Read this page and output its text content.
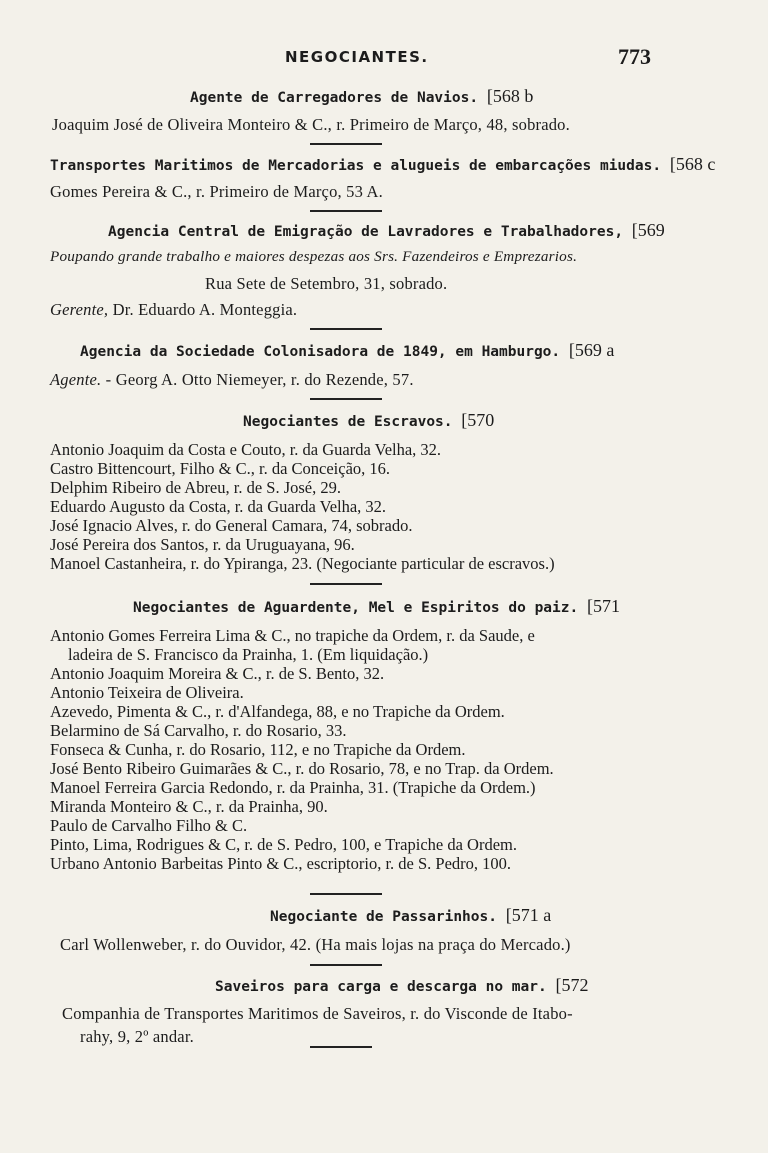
NEGOCIANTES.	773
Agente de Carregadores de Navios. [568 b
Joaquim José de Oliveira Monteiro & C., r. Primeiro de Março, 48, sobrado.
Transportes Maritimos de Mercadorias e alugueis de embarcações miudas. [568 c
Gomes Pereira & C., r. Primeiro de Março, 53 A.
Agencia Central de Emigração de Lavradores e Trabalhadores, [569
Poupando grande trabalho e maiores despezas aos Srs. Fazendeiros e Emprezarios.
Rua Sete de Setembro, 31, sobrado.
Gerente, Dr. Eduardo A. Monteggia.
Agencia da Sociedade Colonisadora de 1849, em Hamburgo. [569 a
Agente. - Georg A. Otto Niemeyer, r. do Rezende, 57.
Negociantes de Escravos. [570
Antonio Joaquim da Costa e Couto, r. da Guarda Velha, 32.
Castro Bittencourt, Filho & C., r. da Conceição, 16.
Delphim Ribeiro de Abreu, r. de S. José, 29.
Eduardo Augusto da Costa, r. da Guarda Velha, 32.
José Ignacio Alves, r. do General Camara, 74, sobrado.
José Pereira dos Santos, r. da Uruguayana, 96.
Manoel Castanheira, r. do Ypiranga, 23. (Negociante particular de escravos.)
Negociantes de Aguardente, Mel e Espiritos do paiz. [571
Antonio Gomes Ferreira Lima & C., no trapiche da Ordem, r. da Saude, e
ladeira de S. Francisco da Prainha, 1. (Em liquidação.)
Antonio Joaquim Moreira & C., r. de S. Bento, 32.
Antonio Teixeira de Oliveira.
Azevedo, Pimenta & C., r. d'Alfandega, 88, e no Trapiche da Ordem.
Belarmino de Sá Carvalho, r. do Rosario, 33.
Fonseca & Cunha, r. do Rosario, 112, e no Trapiche da Ordem.
José Bento Ribeiro Guimarães & C., r. do Rosario, 78, e no Trap. da Ordem.
Manoel Ferreira Garcia Redondo, r. da Prainha, 31. (Trapiche da Ordem.)
Miranda Monteiro & C., r. da Prainha, 90.
Paulo de Carvalho Filho & C.
Pinto, Lima, Rodrigues & C, r. de S. Pedro, 100, e Trapiche da Ordem.
Urbano Antonio Barbeitas Pinto & C., escriptorio, r. de S. Pedro, 100.
Negociante de Passarinhos. [571 a
Carl Wollenweber, r. do Ouvidor, 42. (Ha mais lojas na praça do Mercado.)
Saveiros para carga e descarga no mar. [572
Companhia de Transportes Maritimos de Saveiros, r. do Visconde de Itabo-
rahy, 9, 2º andar.
